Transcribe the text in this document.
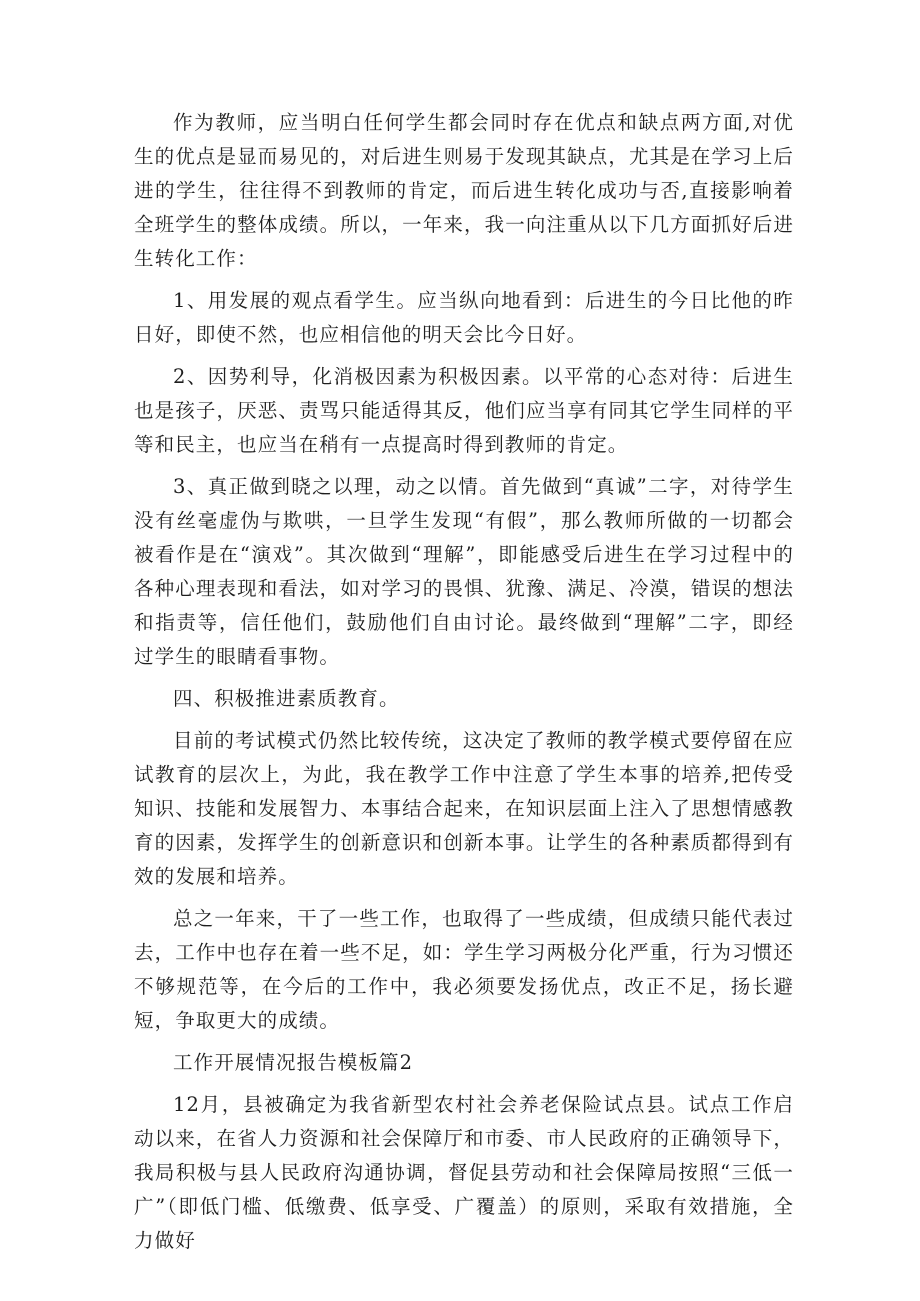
作为教师，应当明白任何学生都会同时存在优点和缺点两方面,对优生的优点是显而易见的，对后进生则易于发现其缺点，尤其是在学习上后进的学生，往往得不到教师的肯定，而后进生转化成功与否,直接影响着全班学生的整体成绩。所以，一年来，我一向注重从以下几方面抓好后进生转化工作：

1、用发展的观点看学生。应当纵向地看到：后进生的今日比他的昨日好，即使不然，也应相信他的明天会比今日好。

2、因势利导，化消极因素为积极因素。以平常的心态对待：后进生也是孩子，厌恶、责骂只能适得其反，他们应当享有同其它学生同样的平等和民主，也应当在稍有一点提高时得到教师的肯定。

3、真正做到晓之以理，动之以情。首先做到“真诚”二字，对待学生没有丝毫虚伪与欺哄，一旦学生发现“有假”，那么教师所做的一切都会被看作是在“演戏”。其次做到“理解”，即能感受后进生在学习过程中的各种心理表现和看法，如对学习的畏惧、犹豫、满足、冷漠，错误的想法和指责等，信任他们，鼓励他们自由讨论。最终做到“理解”二字，即经过学生的眼睛看事物。

四、积极推进素质教育。

目前的考试模式仍然比较传统，这决定了教师的教学模式要停留在应试教育的层次上，为此，我在教学工作中注意了学生本事的培养,把传受知识、技能和发展智力、本事结合起来，在知识层面上注入了思想情感教育的因素，发挥学生的创新意识和创新本事。让学生的各种素质都得到有效的发展和培养。

总之一年来，干了一些工作，也取得了一些成绩，但成绩只能代表过去，工作中也存在着一些不足，如：学生学习两极分化严重，行为习惯还不够规范等，在今后的工作中，我必须要发扬优点，改正不足，扬长避短，争取更大的成绩。

工作开展情况报告模板篇2

12月，县被确定为我省新型农村社会养老保险试点县。试点工作启动以来，在省人力资源和社会保障厅和市委、市人民政府的正确领导下，我局积极与县人民政府沟通协调，督促县劳动和社会保障局按照“三低一广”（即低门槛、低缴费、低享受、广覆盖）的原则，采取有效措施，全力做好
